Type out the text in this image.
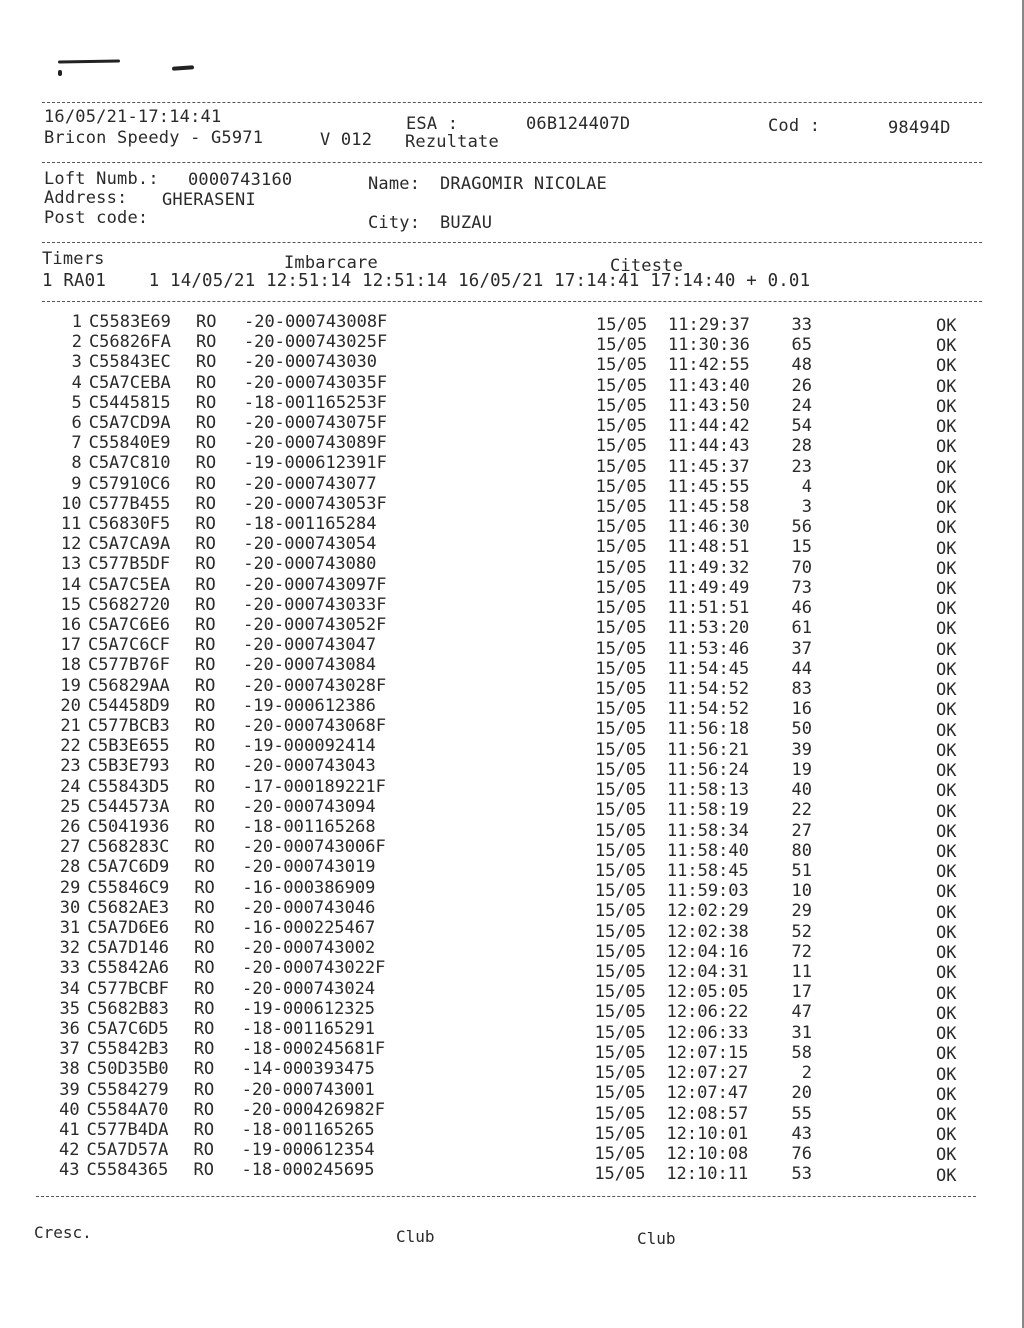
16/05/21-17:14:41	ESA :	06B124407D	Cod :	98494D
Bricon Speedy - G5971	V 012 Rezultate
Loft Numb.: 0000743160	Name: DRAGOMIR NICOLAE
Address: GHERASENI
Post code:	City: BUZAU
Timers	Imbarcare	Citeste
1 RA01    1 14/05/21 12:51:14 12:51:14 16/05/21 17:14:41 17:14:40 + 0.01
1 C5583E69 RO -20-000743008F	15/05 11:29:37	33	OK
2 C56826FA RO -20-000743025F	15/05 11:30:36	65	OK
3 C55843EC RO -20-000743030	15/05 11:42:55	48	OK
4 C5A7CEBA RO -20-000743035F	15/05 11:43:40	26	OK
5 C5445815 RO -18-001165253F	15/05 11:43:50	24	OK
6 C5A7CD9A RO -20-000743075F	15/05 11:44:42	54	OK
7 C55840E9 RO -20-000743089F	15/05 11:44:43	28	OK
8 C5A7C810 RO -19-000612391F	15/05 11:45:37	23	OK
9 C57910C6 RO -20-000743077	15/05 11:45:55	4	OK
10 C577B455 RO -20-000743053F	15/05 11:45:58	3	OK
11 C56830F5 RO -18-001165284	15/05 11:46:30	56	OK
12 C5A7CA9A RO -20-000743054	15/05 11:48:51	15	OK
13 C577B5DF RO -20-000743080	15/05 11:49:32	70	OK
14 C5A7C5EA RO -20-000743097F	15/05 11:49:49	73	OK
15 C5682720 RO -20-000743033F	15/05 11:51:51	46	OK
16 C5A7C6E6 RO -20-000743052F	15/05 11:53:20	61	OK
17 C5A7C6CF RO -20-000743047	15/05 11:53:46	37	OK
18 C577B76F RO -20-000743084	15/05 11:54:45	44	OK
19 C56829AA RO -20-000743028F	15/05 11:54:52	83	OK
20 C54458D9 RO -19-000612386	15/05 11:54:52	16	OK
21 C577BCB3 RO -20-000743068F	15/05 11:56:18	50	OK
22 C5B3E655 RO -19-000092414	15/05 11:56:21	39	OK
23 C5B3E793 RO -20-000743043	15/05 11:56:24	19	OK
24 C55843D5 RO -17-000189221F	15/05 11:58:13	40	OK
25 C544573A RO -20-000743094	15/05 11:58:19	22	OK
26 C5041936 RO -18-001165268	15/05 11:58:34	27	OK
27 C568283C RO -20-000743006F	15/05 11:58:40	80	OK
28 C5A7C6D9 RO -20-000743019	15/05 11:58:45	51	OK
29 C55846C9 RO -16-000386909	15/05 11:59:03	10	OK
30 C5682AE3 RO -20-000743046	15/05 12:02:29	29	OK
31 C5A7D6E6 RO -16-000225467	15/05 12:02:38	52	OK
32 C5A7D146 RO -20-000743002	15/05 12:04:16	72	OK
33 C55842A6 RO -20-000743022F	15/05 12:04:31	11	OK
34 C577BCBF RO -20-000743024	15/05 12:05:05	17	OK
35 C5682B83 RO -19-000612325	15/05 12:06:22	47	OK
36 C5A7C6D5 RO -18-001165291	15/05 12:06:33	31	OK
37 C55842B3 RO -18-000245681F	15/05 12:07:15	58	OK
38 C50D35B0 RO -14-000393475	15/05 12:07:27	2	OK
39 C5584279 RO -20-000743001	15/05 12:07:47	20	OK
40 C5584A70 RO -20-000426982F	15/05 12:08:57	55	OK
41 C577B4DA RO -18-001165265	15/05 12:10:01	43	OK
42 C5A7D57A RO -19-000612354	15/05 12:10:08	76	OK
43 C5584365 RO -18-000245695	15/05 12:10:11	53	OK
Cresc.	Club	Club
